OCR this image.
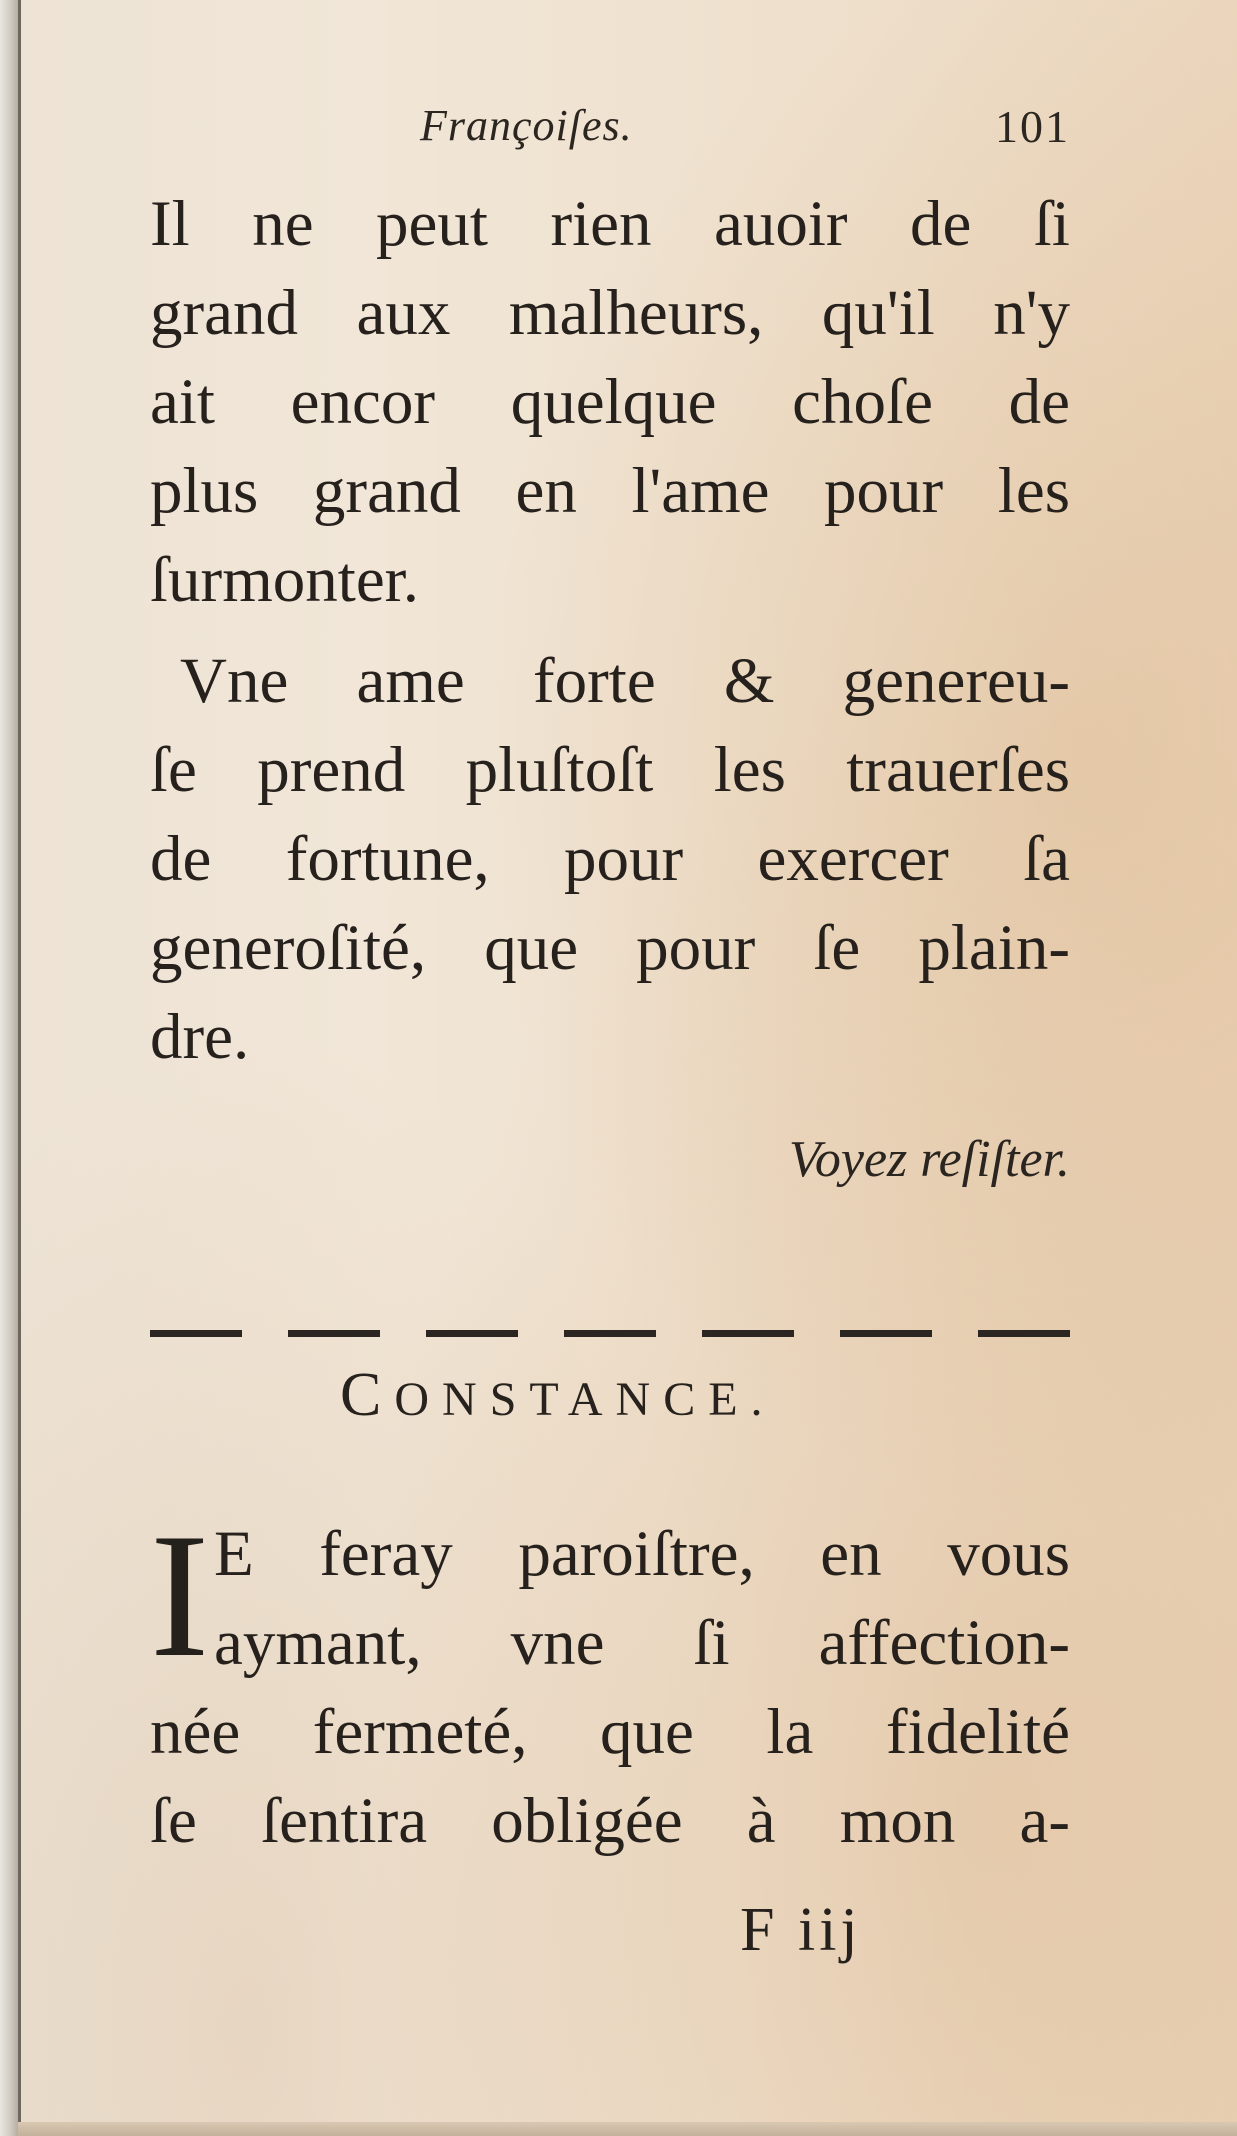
Françoiſes.	101
Il ne peut rien auoir de ſi
grand aux malheurs, qu'il n'y
ait encor quelque choſe de
plus grand en l'ame pour les
ſurmonter.
Vne ame forte & genereu-
ſe prend pluſtoſt les trauerſes
de fortune, pour exercer ſa
generoſité, que pour ſe plain-
dre.
Voyez reſiſter.
CONSTANCE.
I E feray paroiſtre, en vous
aymant, vne ſi affection-
née fermeté, que la fidelité
ſe ſentira obligée à mon a-
F iij
